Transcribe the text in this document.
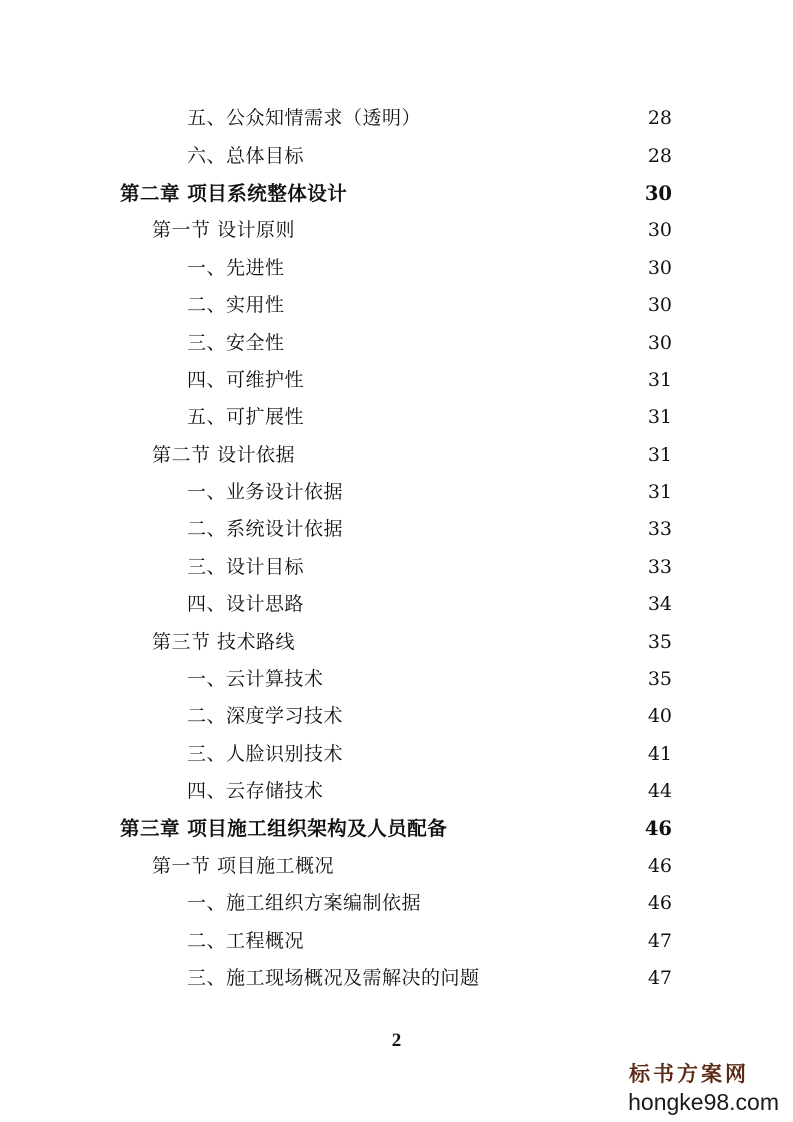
五、公众知情需求（透明）	28
六、总体目标	28
第二章 项目系统整体设计	30
第一节 设计原则	30
一、先进性	30
二、实用性	30
三、安全性	30
四、可维护性	31
五、可扩展性	31
第二节 设计依据	31
一、业务设计依据	31
二、系统设计依据	33
三、设计目标	33
四、设计思路	34
第三节 技术路线	35
一、云计算技术	35
二、深度学习技术	40
三、人脸识别技术	41
四、云存储技术	44
第三章 项目施工组织架构及人员配备	46
第一节 项目施工概况	46
一、施工组织方案编制依据	46
二、工程概况	47
三、施工现场概况及需解决的问题	47
2
标书方案网
hongke98.com
